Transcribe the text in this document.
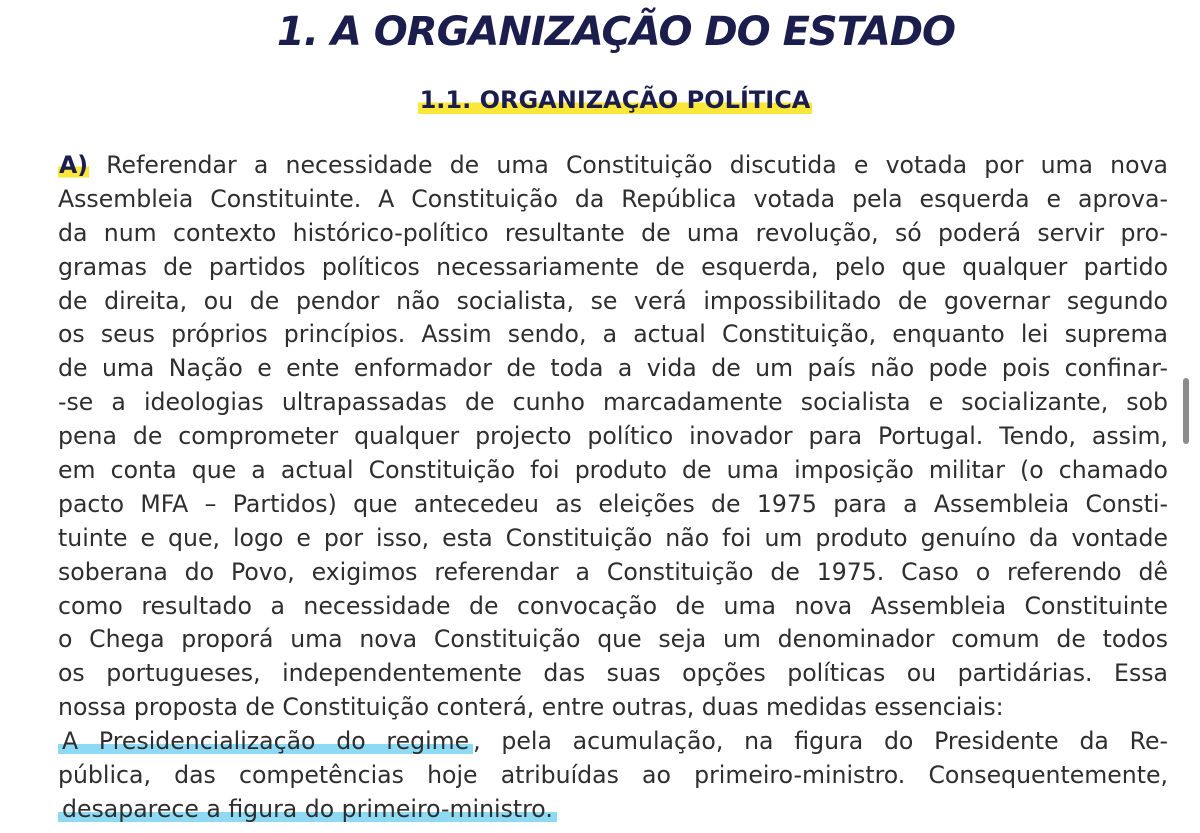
1. A ORGANIZAÇÃO DO ESTADO
1.1. ORGANIZAÇÃO POLÍTICA
A) Referendar a necessidade de uma Constituição discutida e votada por uma nova
Assembleia Constituinte. A Constituição da República votada pela esquerda e aprova-
da num contexto histórico-político resultante de uma revolução, só poderá servir pro-
gramas de partidos políticos necessariamente de esquerda, pelo que qualquer partido
de direita, ou de pendor não socialista, se verá impossibilitado de governar segundo
os seus próprios princípios. Assim sendo, a actual Constituição, enquanto lei suprema
de uma Nação e ente enformador de toda a vida de um país não pode pois confinar-
-se a ideologias ultrapassadas de cunho marcadamente socialista e socializante, sob
pena de comprometer qualquer projecto político inovador para Portugal. Tendo, assim,
em conta que a actual Constituição foi produto de uma imposição militar (o chamado
pacto MFA – Partidos) que antecedeu as eleições de 1975 para a Assembleia Consti-
tuinte e que, logo e por isso, esta Constituição não foi um produto genuíno da vontade
soberana do Povo, exigimos referendar a Constituição de 1975. Caso o referendo dê
como resultado a necessidade de convocação de uma nova Assembleia Constituinte
o Chega proporá uma nova Constituição que seja um denominador comum de todos
os portugueses, independentemente das suas opções políticas ou partidárias. Essa
nossa proposta de Constituição conterá, entre outras, duas medidas essenciais:
A Presidencialização do regime , pela acumulação, na figura do Presidente da Re-
pública, das competências hoje atribuídas ao primeiro-ministro. Consequentemente,
desaparece a figura do primeiro-ministro.
